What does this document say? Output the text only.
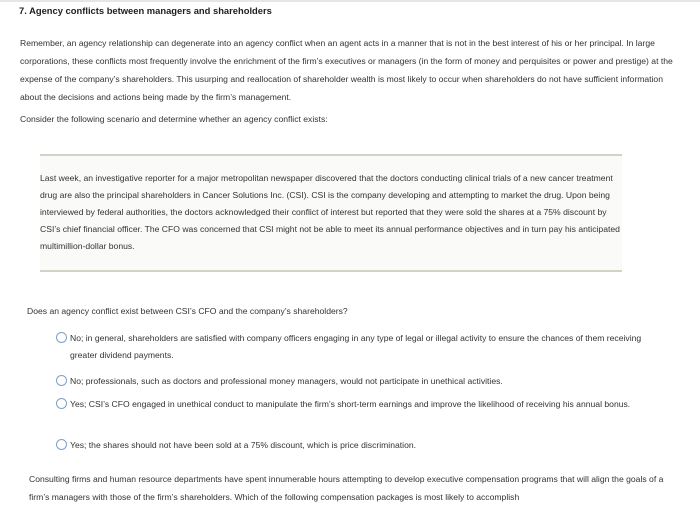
7. Agency conflicts between managers and shareholders
Remember, an agency relationship can degenerate into an agency conflict when an agent acts in a manner that is not in the best interest of his or her principal. In large corporations, these conflicts most frequently involve the enrichment of the firm’s executives or managers (in the form of money and perquisites or power and prestige) at the expense of the company’s shareholders. This usurping and reallocation of shareholder wealth is most likely to occur when shareholders do not have sufficient information about the decisions and actions being made by the firm’s management.
Consider the following scenario and determine whether an agency conflict exists:
Last week, an investigative reporter for a major metropolitan newspaper discovered that the doctors conducting clinical trials of a new cancer treatment drug are also the principal shareholders in Cancer Solutions Inc. (CSI). CSI is the company developing and attempting to market the drug. Upon being interviewed by federal authorities, the doctors acknowledged their conflict of interest but reported that they were sold the shares at a 75% discount by CSI’s chief financial officer. The CFO was concerned that CSI might not be able to meet its annual performance objectives and in turn pay his anticipated multimillion-dollar bonus.
Does an agency conflict exist between CSI’s CFO and the company’s shareholders?
No; in general, shareholders are satisfied with company officers engaging in any type of legal or illegal activity to ensure the chances of them receiving greater dividend payments.
No; professionals, such as doctors and professional money managers, would not participate in unethical activities.
Yes; CSI’s CFO engaged in unethical conduct to manipulate the firm’s short-term earnings and improve the likelihood of receiving his annual bonus.
Yes; the shares should not have been sold at a 75% discount, which is price discrimination.
Consulting firms and human resource departments have spent innumerable hours attempting to develop executive compensation programs that will align the goals of a firm’s managers with those of the firm’s shareholders. Which of the following compensation packages is most likely to accomplish
